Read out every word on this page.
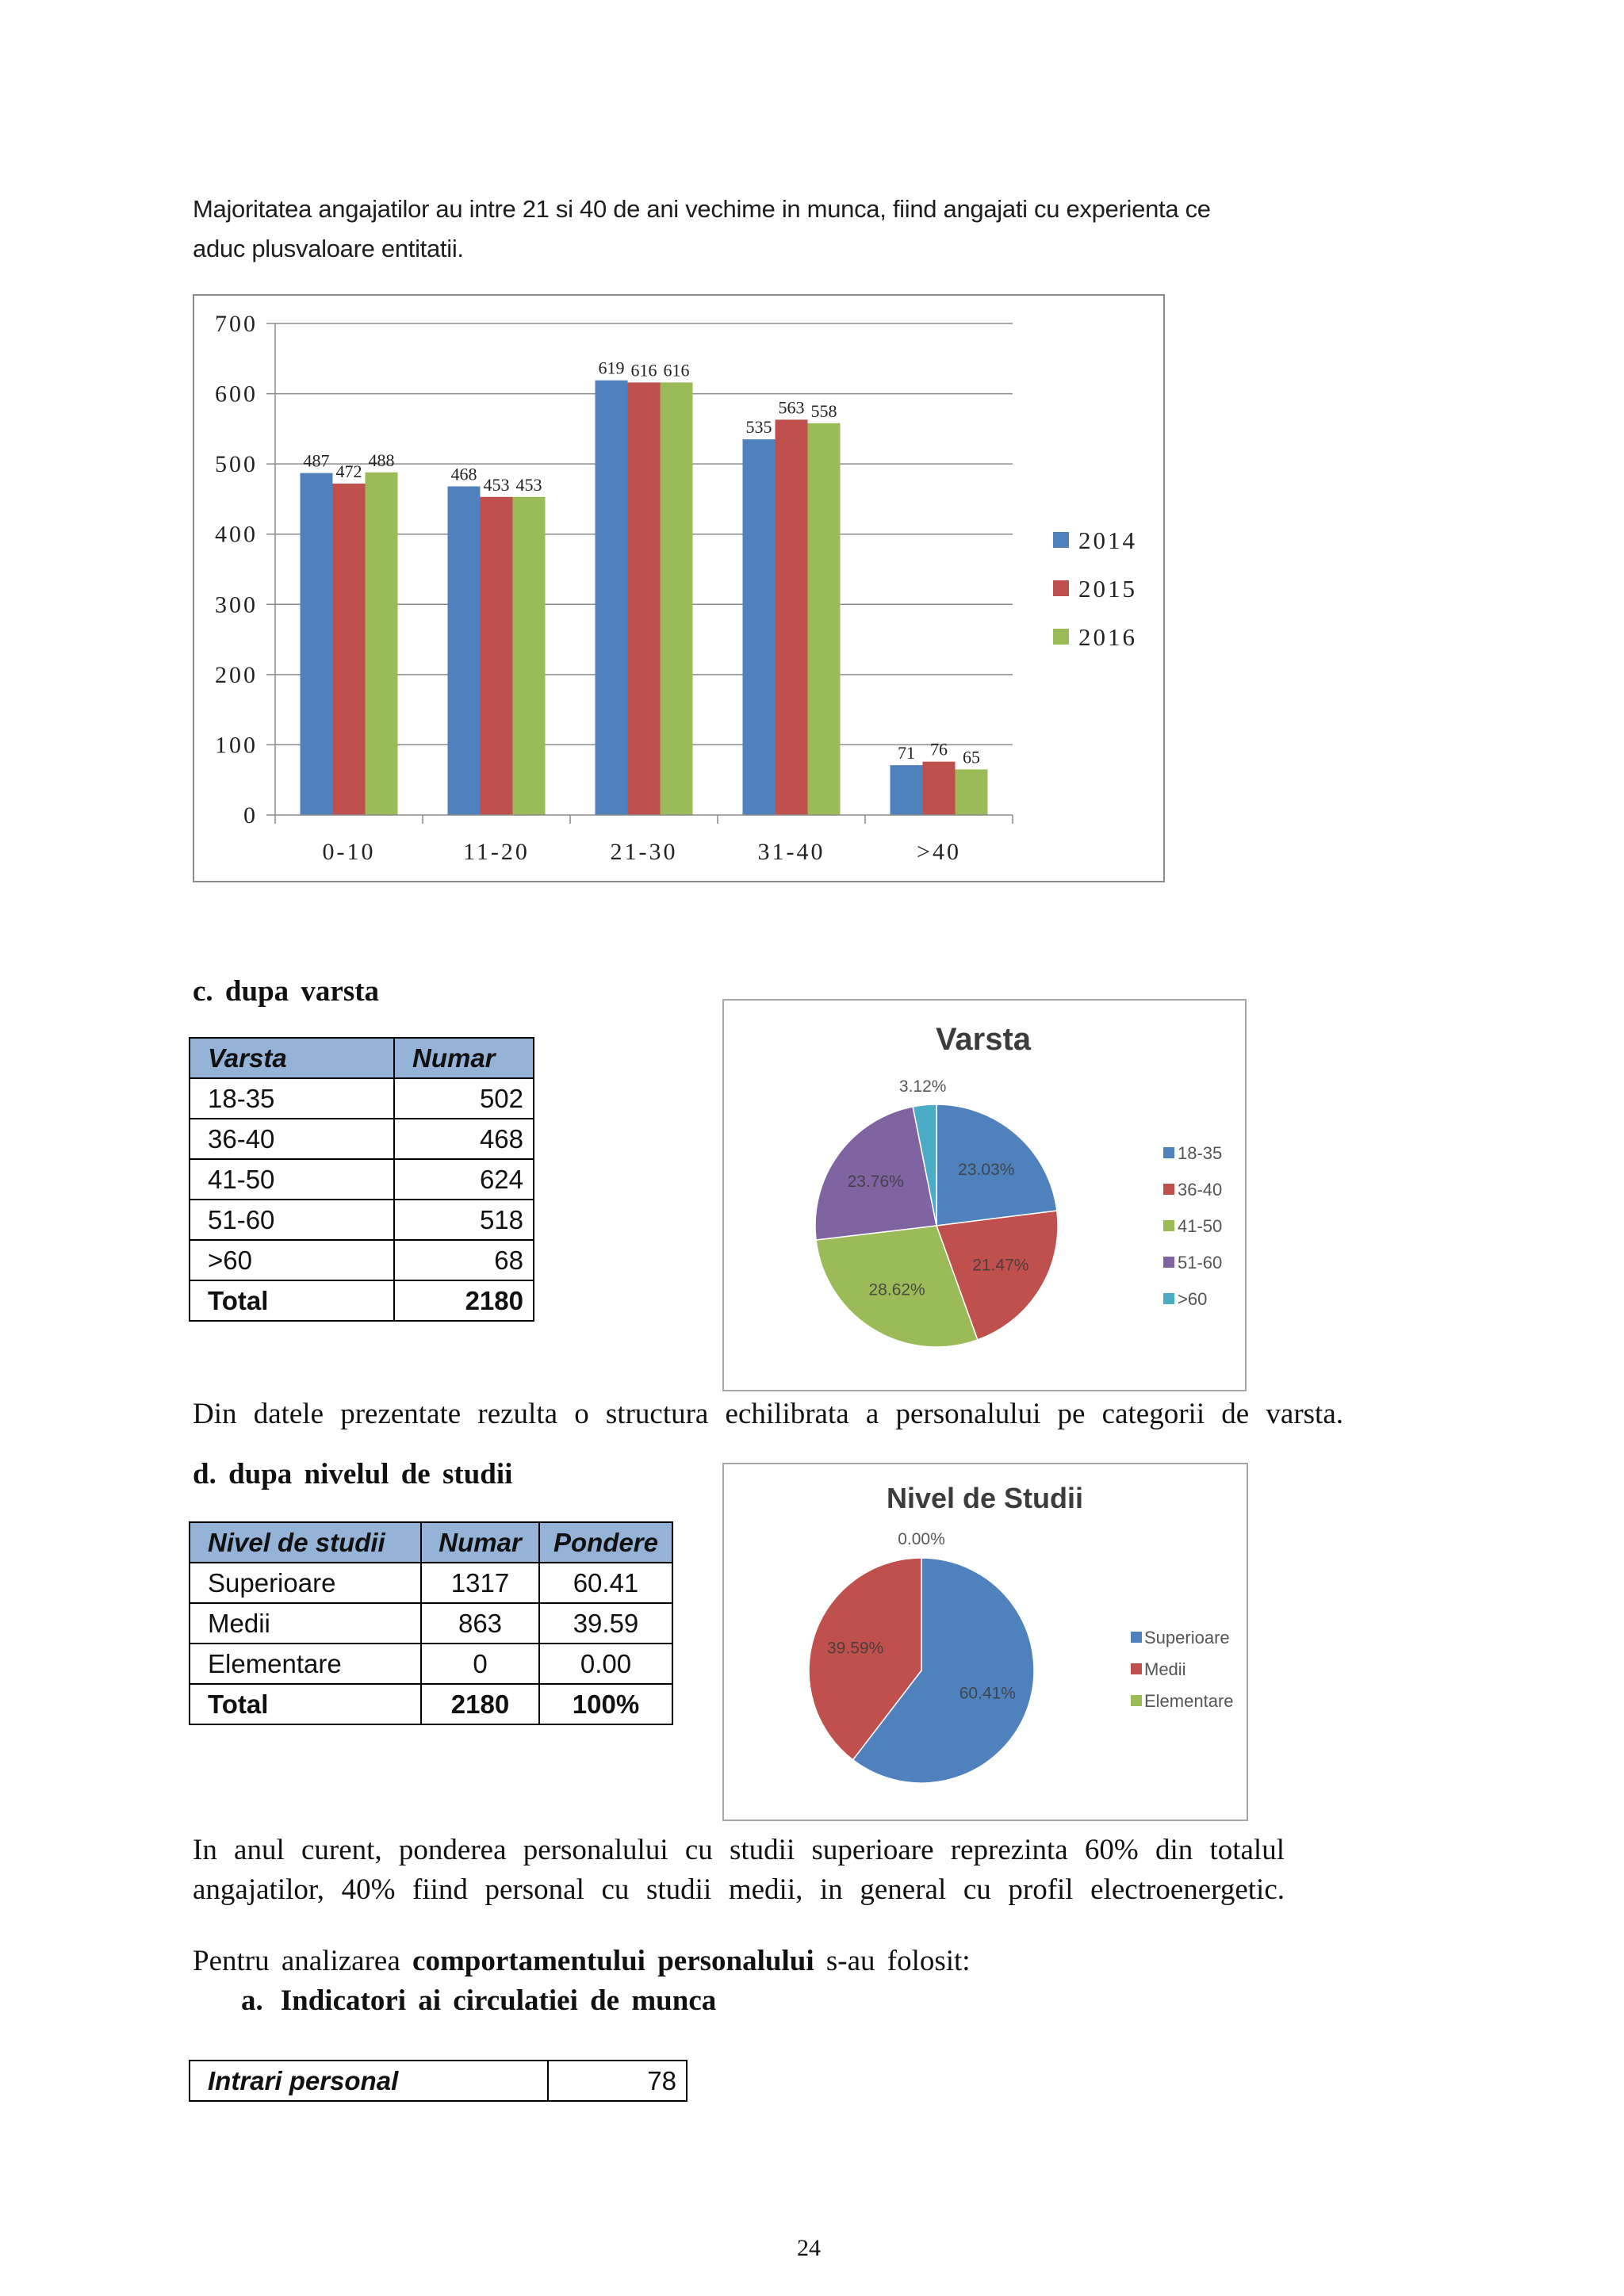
Majoritatea angajatilor au intre 21 si 40 de ani vechime in munca, fiind angajati cu experienta ce
aduc plusvaloare entitatii.
0
100
200
300
400
500
600
700
487
472
488
0-10
468
453 453
11-20
619 616 616
21-30
535
563 558
31-40
71 76 65
>40
2014
2015
2016
c. dupa varsta
Varsta	Numar
18-35	502
36-40	468
41-50	624
51-60	518
>60	68
Total	2180
Varsta
23.03%
21.47%
28.62%
23.76%
3.12%
18-35
36-40
41-50
51-60
>60
Din datele prezentate rezulta o structura echilibrata a personalului pe categorii de varsta.
d. dupa nivelul de studii
Nivel de studii	Numar	Pondere
Superioare	1317	60.41
Medii	863	39.59
Elementare	0	0.00
Total	2180	100%
Nivel de Studii
60.41%
39.59%
0.00%
Superioare
Medii
Elementare
In anul curent, ponderea personalului cu studii superioare reprezinta 60% din totalul
angajatilor, 40% fiind personal cu studii medii, in general cu profil electroenergetic.
Pentru analizarea comportamentului personalului s-au folosit:
a. Indicatori ai circulatiei de munca
Intrari personal	78
24
